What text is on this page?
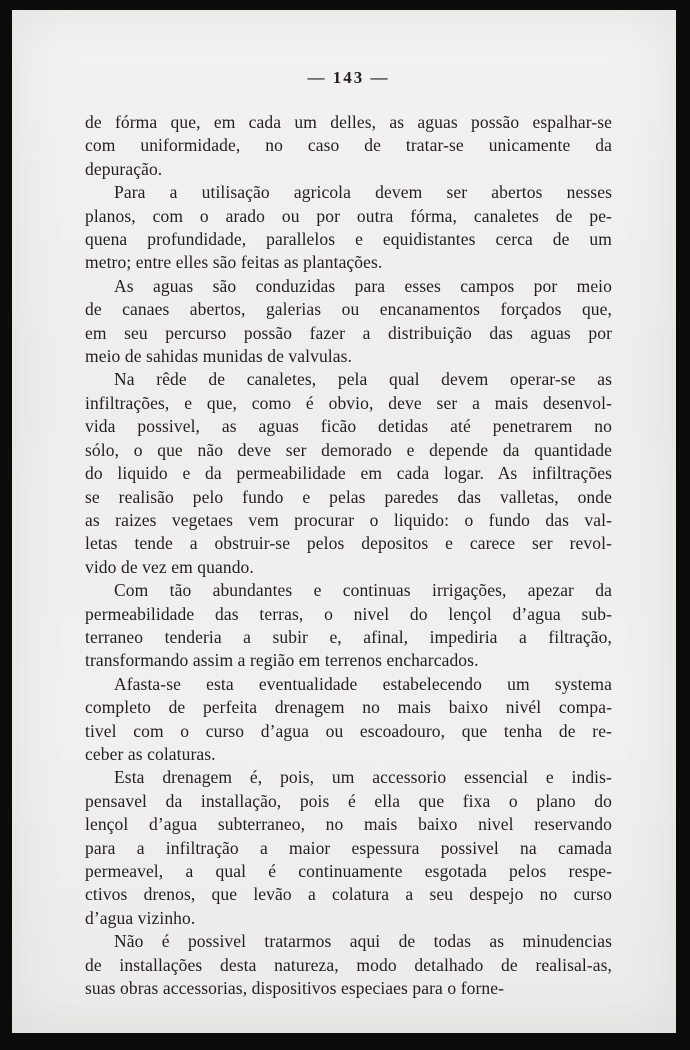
— 143 —
de fórma que, em cada um delles, as aguas possão espalhar-se
com uniformidade, no caso de tratar-se unicamente da
depuração.
Para a utilisação agricola devem ser abertos nesses
planos, com o arado ou por outra fórma, canaletes de pe-
quena profundidade, parallelos e equidistantes cerca de um
metro; entre elles são feitas as plantações.
As aguas são conduzidas para esses campos por meio
de canaes abertos, galerias ou encanamentos forçados que,
em seu percurso possão fazer a distribuição das aguas por
meio de sahidas munidas de valvulas.
Na rêde de canaletes, pela qual devem operar-se as
infiltrações, e que, como é obvio, deve ser a mais desenvol-
vida possivel, as aguas ficão detidas até penetrarem no
sólo, o que não deve ser demorado e depende da quantidade
do liquido e da permeabilidade em cada logar. As infiltrações
se realisão pelo fundo e pelas paredes das valletas, onde
as raizes vegetaes vem procurar o liquido: o fundo das val-
letas tende a obstruir-se pelos depositos e carece ser revol-
vido de vez em quando.
Com tão abundantes e continuas irrigações, apezar da
permeabilidade das terras, o nivel do lençol d’agua sub-
terraneo tenderia a subir e, afinal, impediria a filtração,
transformando assim a região em terrenos encharcados.
Afasta-se esta eventualidade estabelecendo um systema
completo de perfeita drenagem no mais baixo nivél compa-
tivel com o curso d’agua ou escoadouro, que tenha de re-
ceber as colaturas.
Esta drenagem é, pois, um accessorio essencial e indis-
pensavel da installação, pois é ella que fixa o plano do
lençol d’agua subterraneo, no mais baixo nivel reservando
para a infiltração a maior espessura possivel na camada
permeavel, a qual é continuamente esgotada pelos respe-
ctivos drenos, que levão a colatura a seu despejo no curso
d’agua vizinho.
Não é possivel tratarmos aqui de todas as minudencias
de installações desta natureza, modo detalhado de realisal-as,
suas obras accessorias, dispositivos especiaes para o forne-
